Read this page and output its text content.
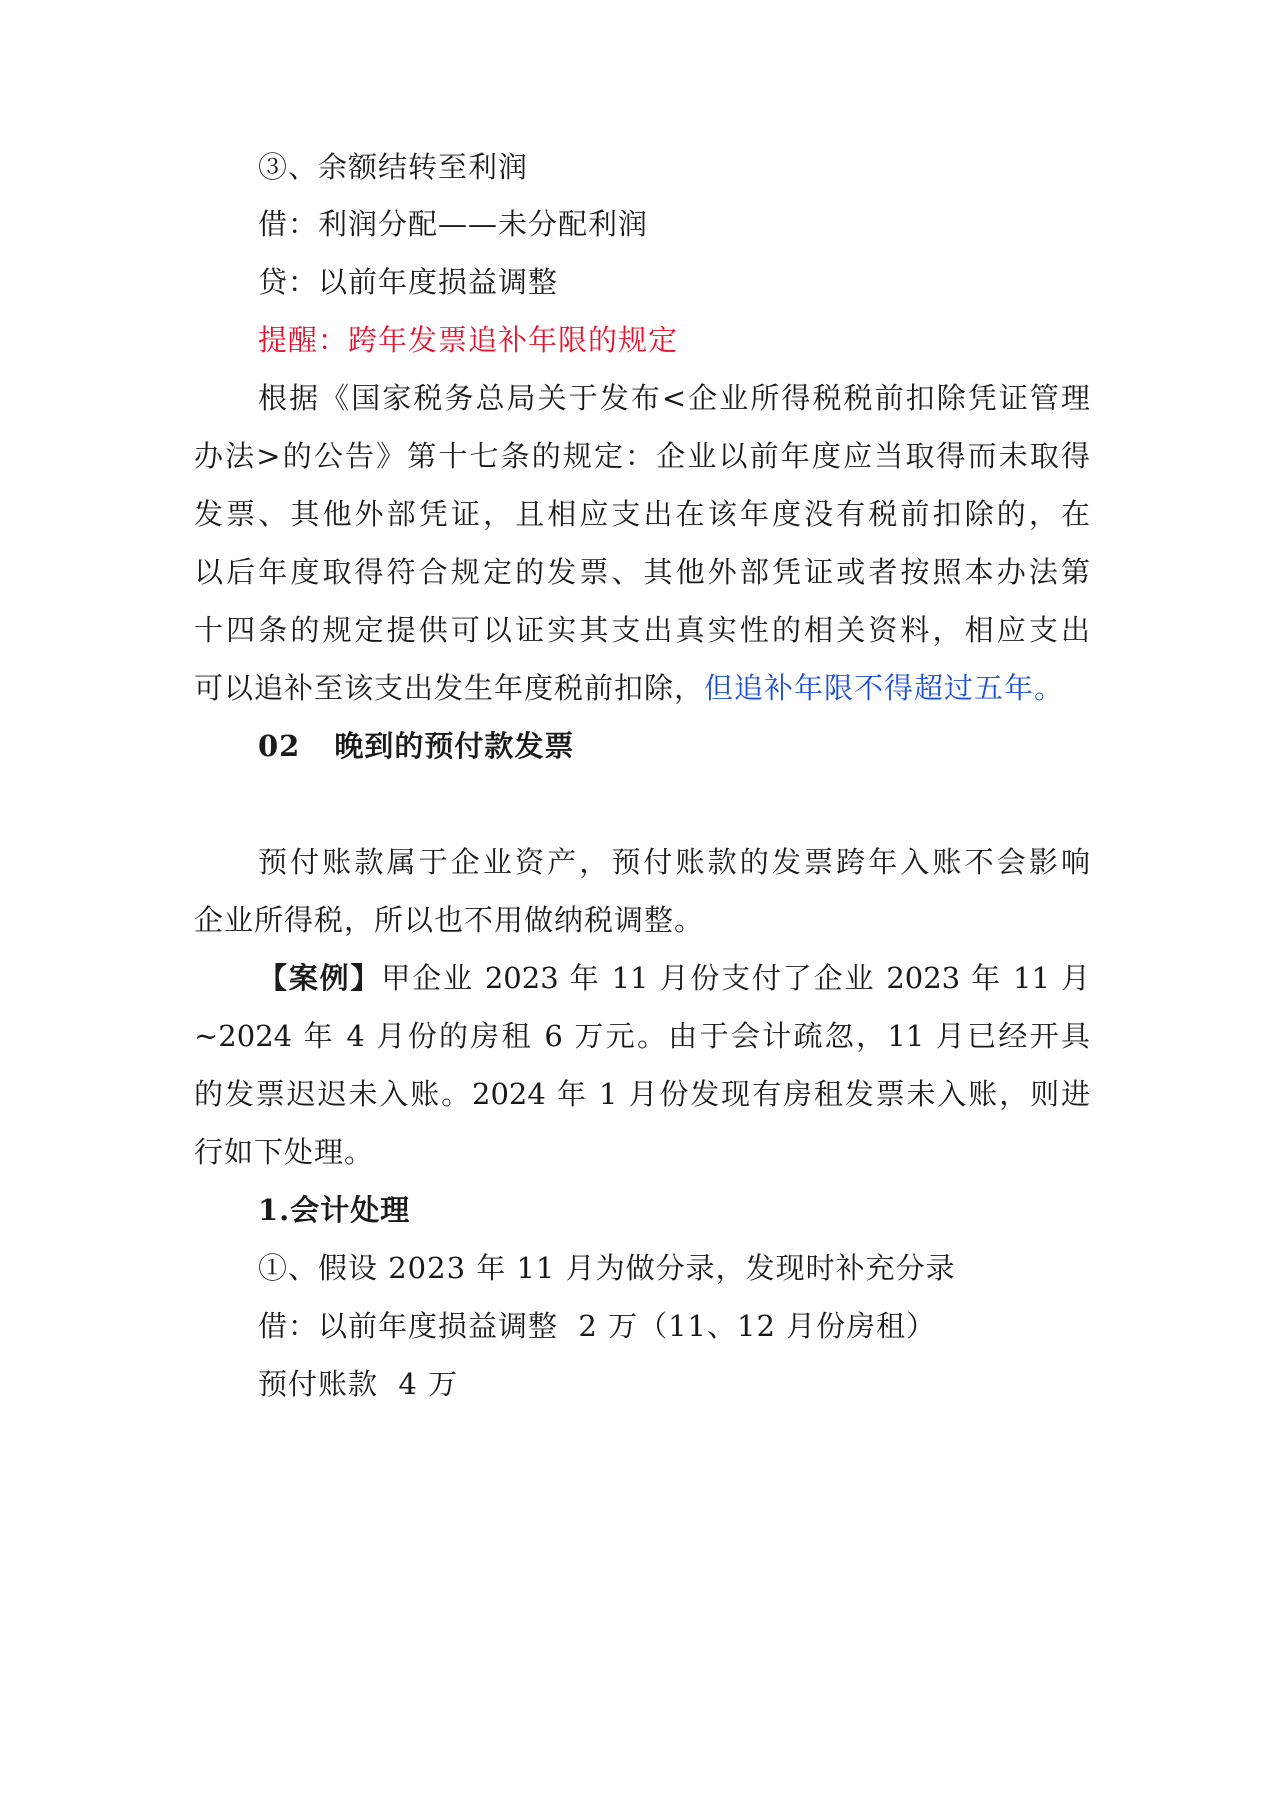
③、余额结转至利润
借：利润分配——未分配利润
贷：以前年度损益调整
提醒：跨年发票追补年限的规定
根据《国家税务总局关于发布<企业所得税税前扣除凭证管理
办法>的公告》第十七条的规定：企业以前年度应当取得而未取得
发票、其他外部凭证，且相应支出在该年度没有税前扣除的，在
以后年度取得符合规定的发票、其他外部凭证或者按照本办法第
十四条的规定提供可以证实其支出真实性的相关资料，相应支出
可以追补至该支出发生年度税前扣除，但追补年限不得超过五年。
02 晚到的预付款发票
预付账款属于企业资产，预付账款的发票跨年入账不会影响
企业所得税，所以也不用做纳税调整。
【案例】甲企业 2023 年 11 月份支付了企业 2023 年 11 月
~2024 年 4 月份的房租 6 万元。由于会计疏忽，11 月已经开具
的发票迟迟未入账。2024 年 1 月份发现有房租发票未入账，则进
行如下处理。
1.会计处理
①、假设 2023 年 11 月为做分录，发现时补充分录
借：以前年度损益调整  2 万（11、12 月份房租）
预付账款  4 万
